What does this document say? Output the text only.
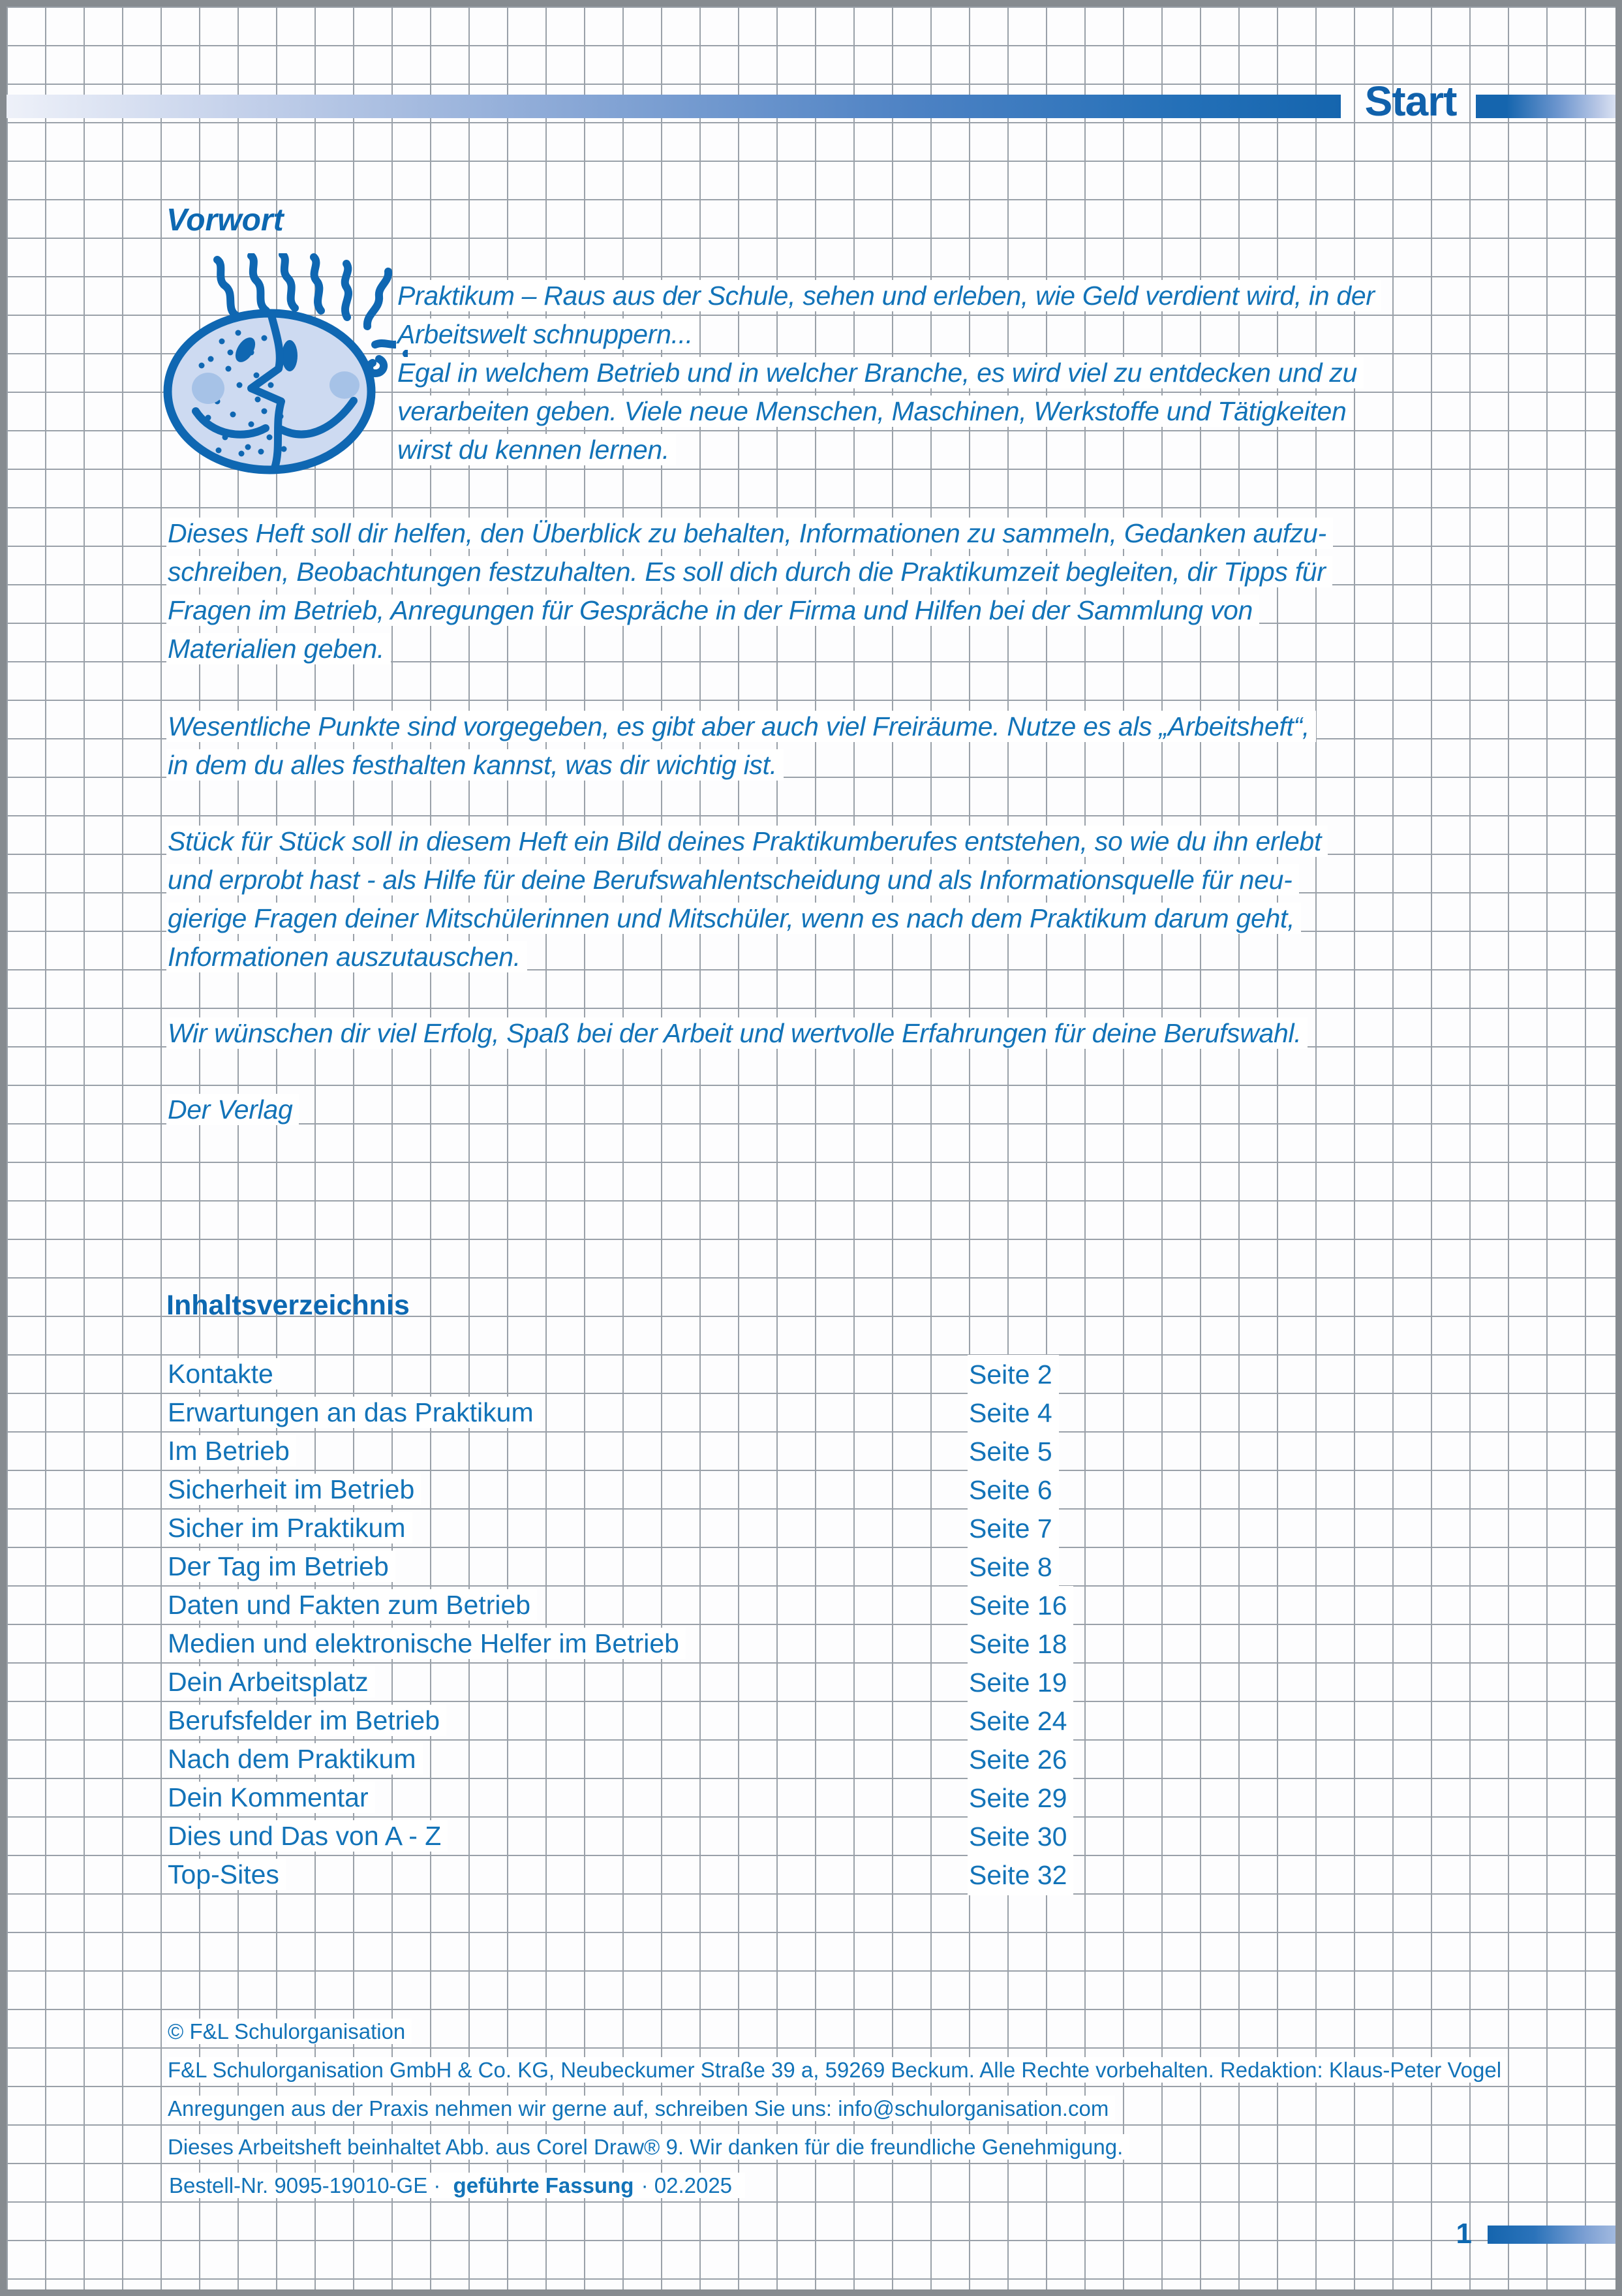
Start
Vorwort
Praktikum – Raus aus der Schule, sehen und erleben, wie Geld verdient wird, in der
Arbeitswelt schnuppern...
Egal in welchem Betrieb und in welcher Branche, es wird viel zu entdecken und zu
verarbeiten geben. Viele neue Menschen, Maschinen, Werkstoffe und Tätigkeiten
wirst du kennen lernen.
Dieses Heft soll dir helfen, den Überblick zu behalten, Informationen zu sammeln, Gedanken aufzu-
schreiben, Beobachtungen festzuhalten. Es soll dich durch die Praktikumzeit begleiten, dir Tipps für
Fragen im Betrieb, Anregungen für Gespräche in der Firma und Hilfen bei der Sammlung von
Materialien geben.
Wesentliche Punkte sind vorgegeben, es gibt aber auch viel Freiräume. Nutze es als „Arbeitsheft“,
in dem du alles festhalten kannst, was dir wichtig ist.
Stück für Stück soll in diesem Heft ein Bild deines Praktikumberufes entstehen, so wie du ihn erlebt
und erprobt hast - als Hilfe für deine Berufswahlentscheidung und als Informationsquelle für neu-
gierige Fragen deiner Mitschülerinnen und Mitschüler, wenn es nach dem Praktikum darum geht,
Informationen auszutauschen.
Wir wünschen dir viel Erfolg, Spaß bei der Arbeit und wertvolle Erfahrungen für deine Berufswahl.
Der Verlag
Inhaltsverzeichnis
Kontakte	Seite 2
Erwartungen an das Praktikum	Seite 4
Im Betrieb	Seite 5
Sicherheit im Betrieb	Seite 6
Sicher im Praktikum	Seite 7
Der Tag im Betrieb	Seite 8
Daten und Fakten zum Betrieb	Seite 16
Medien und elektronische Helfer im Betrieb	Seite 18
Dein Arbeitsplatz	Seite 19
Berufsfelder im Betrieb	Seite 24
Nach dem Praktikum	Seite 26
Dein Kommentar	Seite 29
Dies und Das von A - Z	Seite 30
Top-Sites	Seite 32
© F&L Schulorganisation
F&L Schulorganisation GmbH & Co. KG, Neubeckumer Straße 39 a, 59269 Beckum. Alle Rechte vorbehalten. Redaktion: Klaus-Peter Vogel
Anregungen aus der Praxis nehmen wir gerne auf, schreiben Sie uns: info@schulorganisation.com
Dieses Arbeitsheft beinhaltet Abb. aus Corel Draw® 9. Wir danken für die freundliche Genehmigung.
Bestell-Nr. 9095-19010-GE · geführte Fassung · 02.2025
1
